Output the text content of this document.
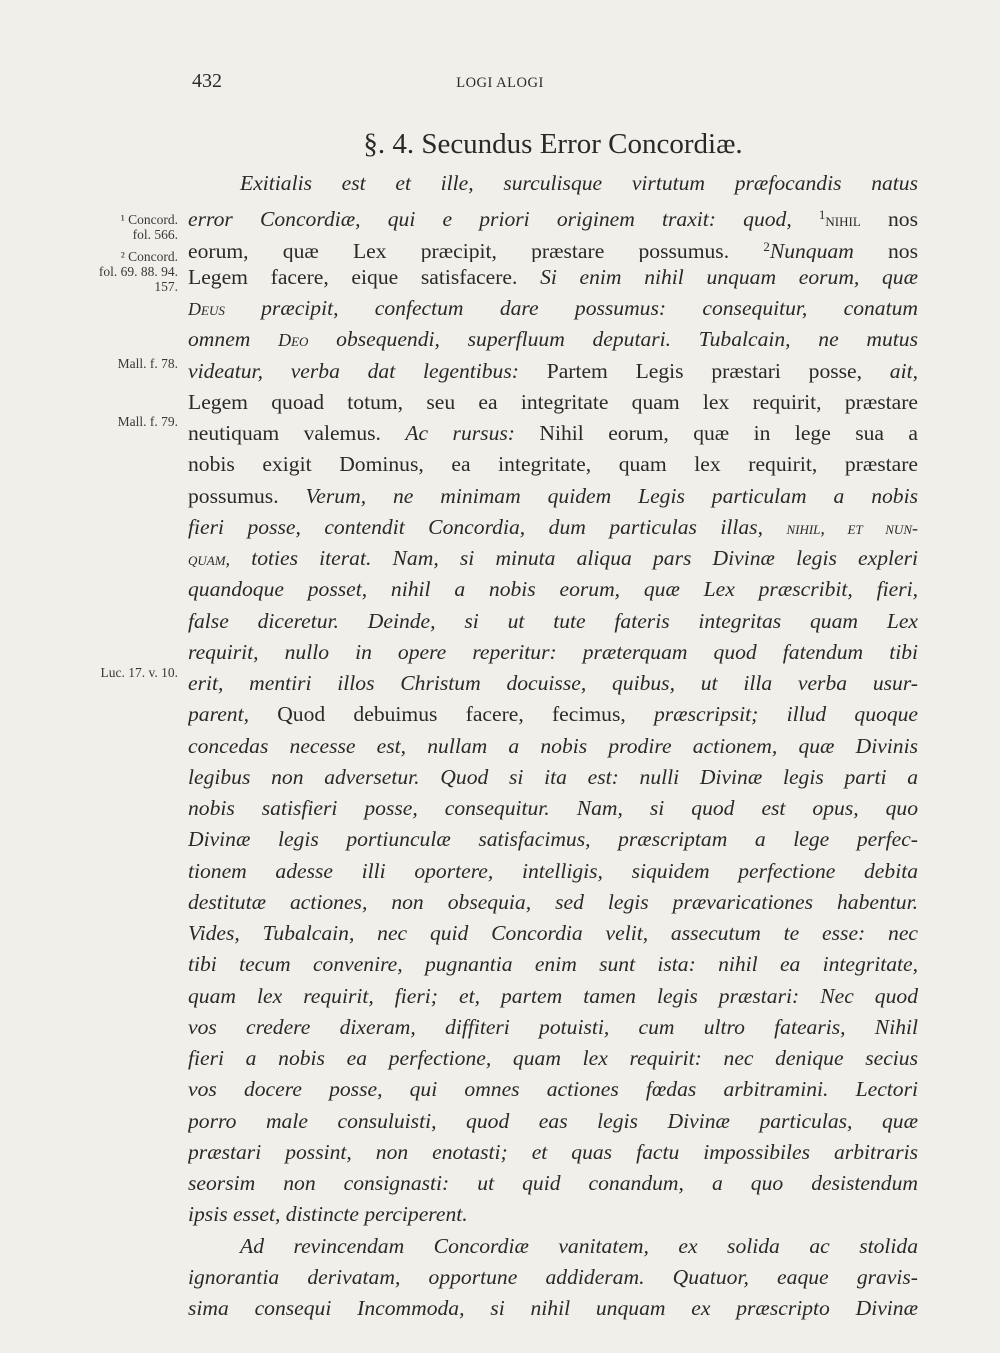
432	LOGI ALOGI
§. 4. Secundus Error Concordiæ.
¹ Concord.
fol. 566.
² Concord.
fol. 69. 88. 94.
157.
Mall. f. 78.
Mall. f. 79.
Luc. 17. v. 10.
Exitialis est et ille, surculisque virtutum præfocandis natus
error Concordiæ, qui e priori originem traxit: quod, $^1$nihil nos
eorum, quæ Lex præcipit, præstare possumus. $^2$Nunquam nos
Legem facere, eique satisfacere. Si enim nihil unquam eorum, quæ
Deus præcipit, confectum dare possumus: consequitur, conatum
omnem Deo obsequendi, superfluum deputari. Tubalcain, ne mutus
videatur, verba dat legentibus: Partem Legis præstari posse, ait,
Legem quoad totum, seu ea integritate quam lex requirit, præstare
neutiquam valemus. Ac rursus: Nihil eorum, quæ in lege sua a
nobis exigit Dominus, ea integritate, quam lex requirit, præstare
possumus. Verum, ne minimam quidem Legis particulam a nobis
fieri posse, contendit Concordia, dum particulas illas, nihil, et nun-
quam, toties iterat. Nam, si minuta aliqua pars Divinæ legis expleri
quandoque posset, nihil a nobis eorum, quæ Lex præscribit, fieri,
false diceretur. Deinde, si ut tute fateris integritas quam Lex
requirit, nullo in opere reperitur: præterquam quod fatendum tibi
erit, mentiri illos Christum docuisse, quibus, ut illa verba usur-
parent, Quod debuimus facere, fecimus, præscripsit; illud quoque
concedas necesse est, nullam a nobis prodire actionem, quæ Divinis
legibus non adversetur. Quod si ita est: nulli Divinæ legis parti a
nobis satisfieri posse, consequitur. Nam, si quod est opus, quo
Divinæ legis portiunculæ satisfacimus, præscriptam a lege perfec-
tionem adesse illi oportere, intelligis, siquidem perfectione debita
destitutæ actiones, non obsequia, sed legis prævaricationes habentur.
Vides, Tubalcain, nec quid Concordia velit, assecutum te esse: nec
tibi tecum convenire, pugnantia enim sunt ista: nihil ea integritate,
quam lex requirit, fieri; et, partem tamen legis præstari: Nec quod
vos credere dixeram, diffiteri potuisti, cum ultro fatearis, Nihil
fieri a nobis ea perfectione, quam lex requirit: nec denique secius
vos docere posse, qui omnes actiones fœdas arbitramini. Lectori
porro male consuluisti, quod eas legis Divinæ particulas, quæ
præstari possint, non enotasti; et quas factu impossibiles arbitraris
seorsim non consignasti: ut quid conandum, a quo desistendum
ipsis esset, distincte perciperent.
Ad revincendam Concordiæ vanitatem, ex solida ac stolida
ignorantia derivatam, opportune addideram. Quatuor, eaque gravis-
sima consequi Incommoda, si nihil unquam ex præscripto Divinæ
